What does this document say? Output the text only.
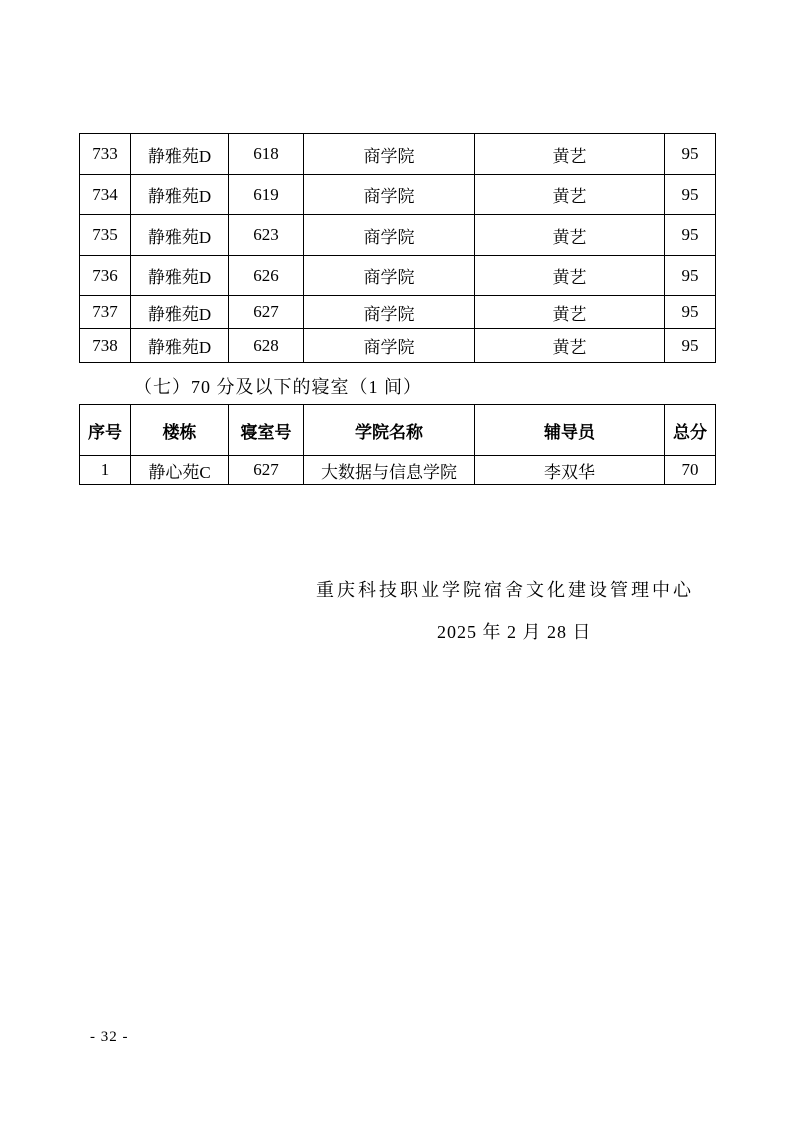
733	静雅苑D	618	商学院	黄艺	95
734	静雅苑D	619	商学院	黄艺	95
735	静雅苑D	623	商学院	黄艺	95
736	静雅苑D	626	商学院	黄艺	95
737	静雅苑D	627	商学院	黄艺	95
738	静雅苑D	628	商学院	黄艺	95
（七）70 分及以下的寝室（1 间）
序号	楼栋	寝室号	学院名称	辅导员	总分
1	静心苑C	627	大数据与信息学院	李双华	70
重庆科技职业学院宿舍文化建设管理中心
2025 年 2 月 28 日
- 32 -
